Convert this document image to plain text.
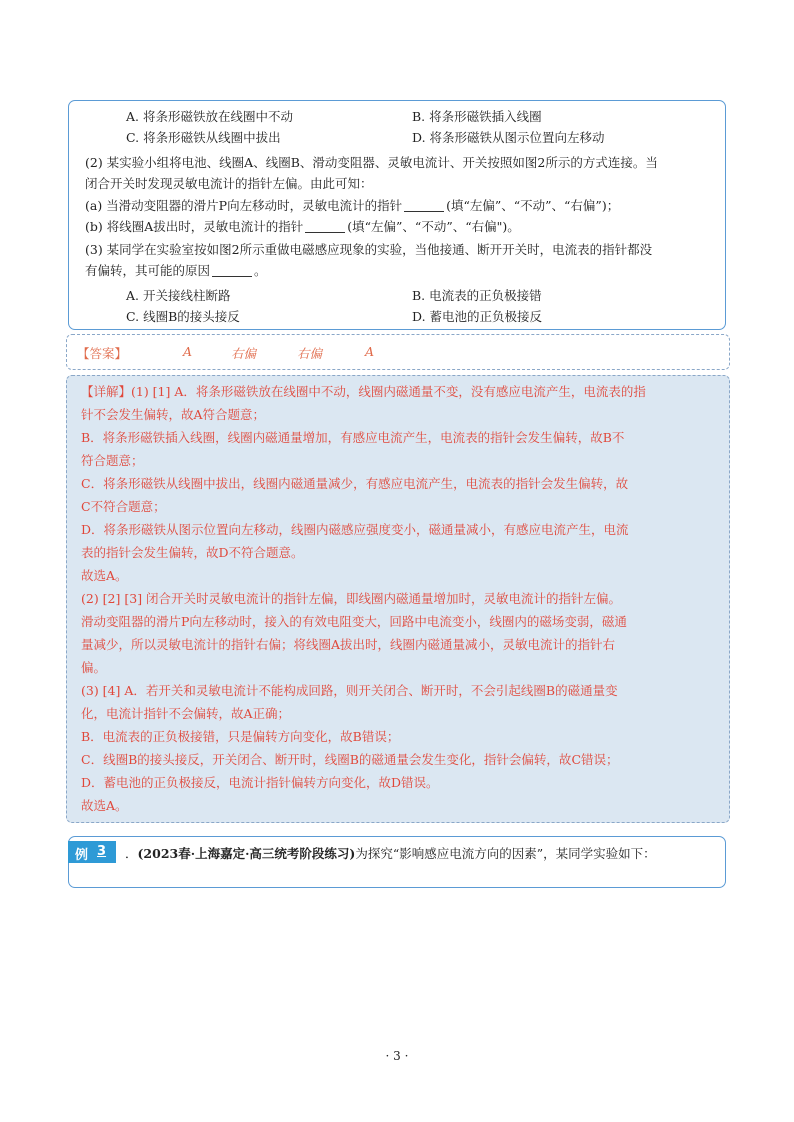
A. 将条形磁铁放在线圈中不动	B. 将条形磁铁插入线圈
C. 将条形磁铁从线圈中拔出	D. 将条形磁铁从图示位置向左移动
(2) 某实验小组将电池、线圈A、线圈B、滑动变阻器、灵敏电流计、开关按照如图2所示的方式连接。当
闭合开关时发现灵敏电流计的指针左偏。由此可知：
(a) 当滑动变阻器的滑片P向左移动时，灵敏电流计的指针	(填“左偏”、“不动”、“右偏”)；
(b) 将线圈A拔出时，灵敏电流计的指针	(填“左偏”、“不动”、“右偏")。
(3) 某同学在实验室按如图2所示重做电磁感应现象的实验，当他接通、断开开关时，电流表的指针都没
有偏转，其可能的原因	。
A. 开关接线柱断路	B. 电流表的正负极接错
C. 线圈B的接头接反	D. 蓄电池的正负极接反
【答案】	A	右偏	右偏	A
【详解】(1) [1] A．将条形磁铁放在线圈中不动，线圈内磁通量不变，没有感应电流产生，电流表的指
针不会发生偏转，故A符合题意；
B．将条形磁铁插入线圈，线圈内磁通量增加，有感应电流产生，电流表的指针会发生偏转，故B不
符合题意；
C．将条形磁铁从线圈中拔出，线圈内磁通量减少，有感应电流产生，电流表的指针会发生偏转，故
C不符合题意；
D．将条形磁铁从图示位置向左移动，线圈内磁感应强度变小，磁通量减小，有感应电流产生，电流
表的指针会发生偏转，故D不符合题意。
故选A。
(2) [2] [3] 闭合开关时灵敏电流计的指针左偏，即线圈内磁通量增加时，灵敏电流计的指针左偏。
滑动变阻器的滑片P向左移动时，接入的有效电阻变大，回路中电流变小，线圈内的磁场变弱，磁通
量减少，所以灵敏电流计的指针右偏；将线圈A拔出时，线圈内磁通量减小，灵敏电流计的指针右
偏。
(3) [4] A．若开关和灵敏电流计不能构成回路，则开关闭合、断开时，不会引起线圈B的磁通量变
化，电流计指针不会偏转，故A正确；
B．电流表的正负极接错，只是偏转方向变化，故B错误；
C．线圈B的接头接反，开关闭合、断开时，线圈B的磁通量会发生变化，指针会偏转，故C错误；
D．蓄电池的正负极接反，电流计指针偏转方向变化，故D错误。
故选A。
例 3 ．(2023春·上海嘉定·高三统考阶段练习)为探究“影响感应电流方向的因素”，某同学实验如下：
· 3 ·
